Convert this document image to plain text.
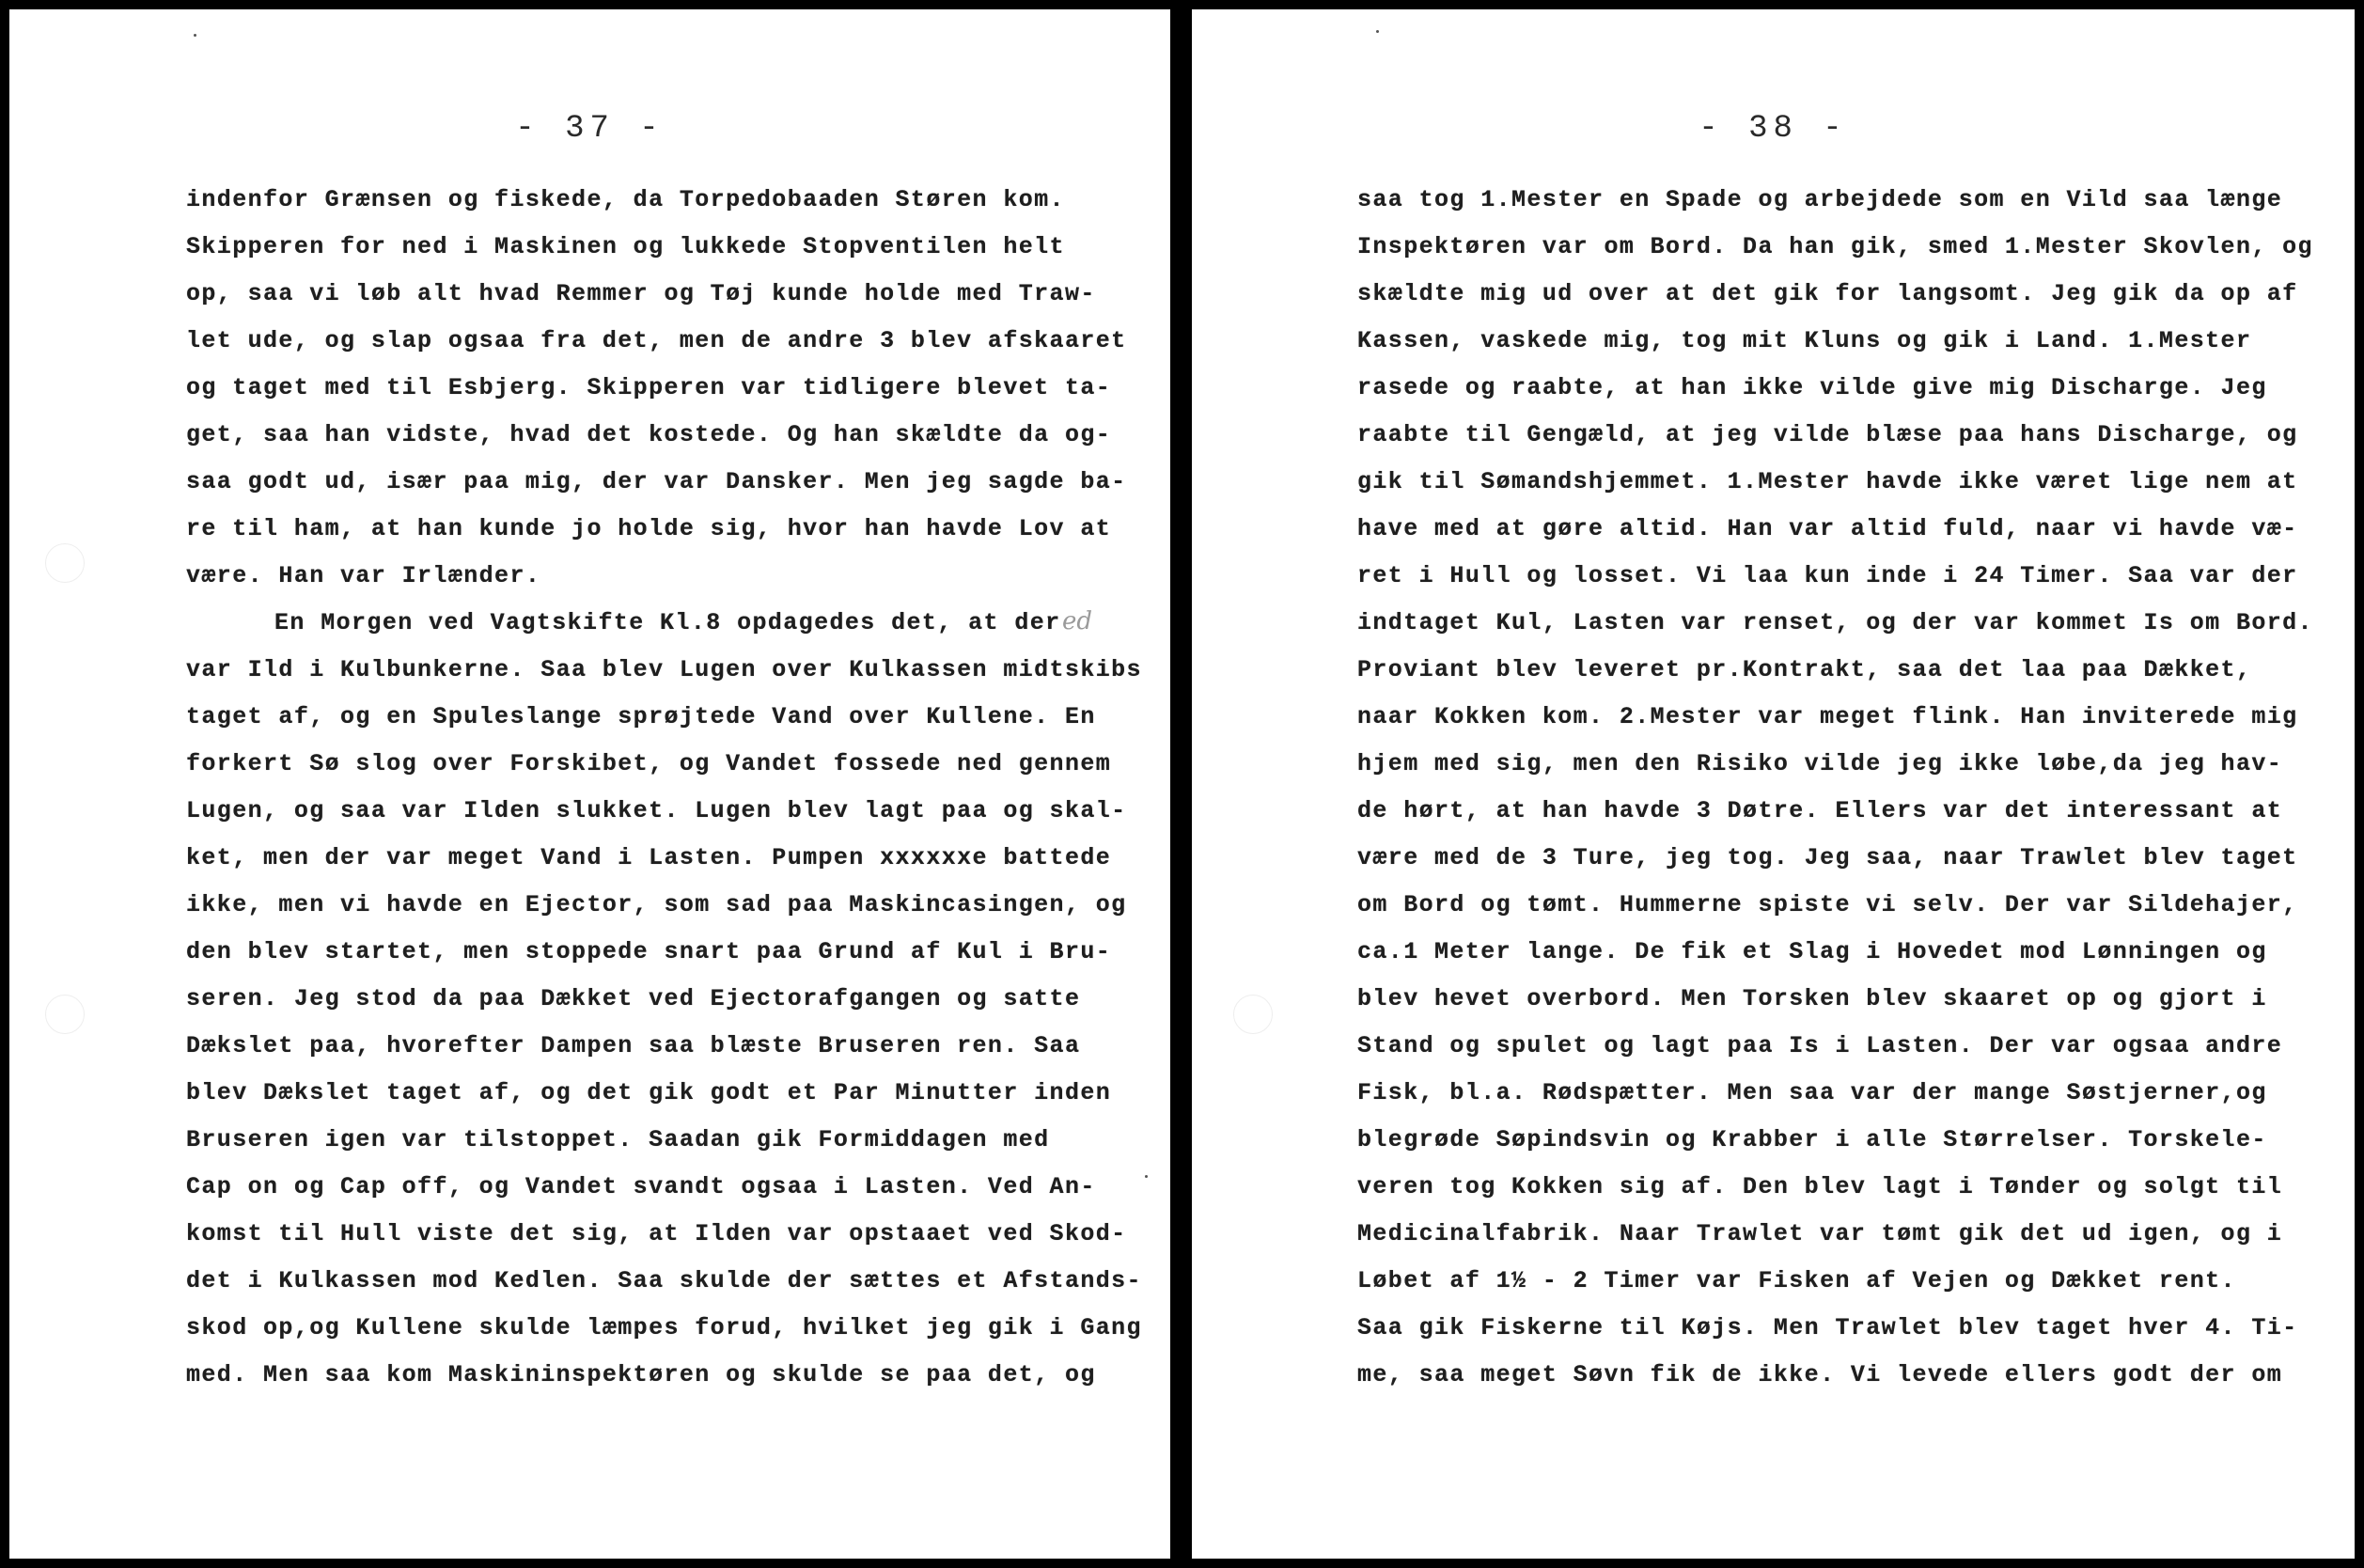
- 37 -
indenfor Grænsen og fiskede, da Torpedobaaden Støren kom.
Skipperen for ned i Maskinen og lukkede Stopventilen helt
op, saa vi løb alt hvad Remmer og Tøj kunde holde med Traw-
let ude, og slap ogsaa fra det, men de andre 3 blev afskaaret
og taget med til Esbjerg. Skipperen var tidligere blevet ta-
get, saa han vidste, hvad det kostede. Og han skældte da og-
saa godt ud, især paa mig, der var Dansker. Men jeg sagde ba-
re til ham, at han kunde jo holde sig, hvor han havde Lov at
være. Han var Irlænder.
En Morgen ved Vagtskifte Kl.8 opdagedes det, at der
var Ild i Kulbunkerne. Saa blev Lugen over Kulkassen midtskibs
taget af, og en Spuleslange sprøjtede Vand over Kullene. En
forkert Sø slog over Forskibet, og Vandet fossede ned gennem
Lugen, og saa var Ilden slukket. Lugen blev lagt paa og skal-
ket, men der var meget Vand i Lasten. Pumpen xxxxxxe battede
ikke, men vi havde en Ejector, som sad paa Maskincasingen, og
den blev startet, men stoppede snart paa Grund af Kul i Bru-
seren. Jeg stod da paa Dækket ved Ejectorafgangen og satte
Dækslet paa, hvorefter Dampen saa blæste Bruseren ren. Saa
blev Dækslet taget af, og det gik godt et Par Minutter inden
Bruseren igen var tilstoppet. Saadan gik Formiddagen med
Cap on og Cap off, og Vandet svandt ogsaa i Lasten. Ved An-
komst til Hull viste det sig, at Ilden var opstaaet ved Skod-
det i Kulkassen mod Kedlen. Saa skulde der sættes et Afstands-
skod op,og Kullene skulde læmpes forud, hvilket jeg gik i Gang
med. Men saa kom Maskininspektøren og skulde se paa det, og
ed
- 38 -
saa tog 1.Mester en Spade og arbejdede som en Vild saa længe
Inspektøren var om Bord. Da han gik, smed 1.Mester Skovlen, og
skældte mig ud over at det gik for langsomt. Jeg gik da op af
Kassen, vaskede mig, tog mit Kluns og gik i Land. 1.Mester
rasede og raabte, at han ikke vilde give mig Discharge. Jeg
raabte til Gengæld, at jeg vilde blæse paa hans Discharge, og
gik til Sømandshjemmet. 1.Mester havde ikke været lige nem at
have med at gøre altid. Han var altid fuld, naar vi havde væ-
ret i Hull og losset. Vi laa kun inde i 24 Timer. Saa var der
indtaget Kul, Lasten var renset, og der var kommet Is om Bord.
Proviant blev leveret pr.Kontrakt, saa det laa paa Dækket,
naar Kokken kom. 2.Mester var meget flink. Han inviterede mig
hjem med sig, men den Risiko vilde jeg ikke løbe,da jeg hav-
de hørt, at han havde 3 Døtre. Ellers var det interessant at
være med de 3 Ture, jeg tog. Jeg saa, naar Trawlet blev taget
om Bord og tømt. Hummerne spiste vi selv. Der var Sildehajer,
ca.1 Meter lange. De fik et Slag i Hovedet mod Lønningen og
blev hevet overbord. Men Torsken blev skaaret op og gjort i
Stand og spulet og lagt paa Is i Lasten. Der var ogsaa andre
Fisk, bl.a. Rødspætter. Men saa var der mange Søstjerner,og
blegrøde Søpindsvin og Krabber i alle Størrelser. Torskele-
veren tog Kokken sig af. Den blev lagt i Tønder og solgt til
Medicinalfabrik. Naar Trawlet var tømt gik det ud igen, og i
Løbet af 1½ - 2 Timer var Fisken af Vejen og Dækket rent.
Saa gik Fiskerne til Køjs. Men Trawlet blev taget hver 4. Ti-
me, saa meget Søvn fik de ikke. Vi levede ellers godt der om
